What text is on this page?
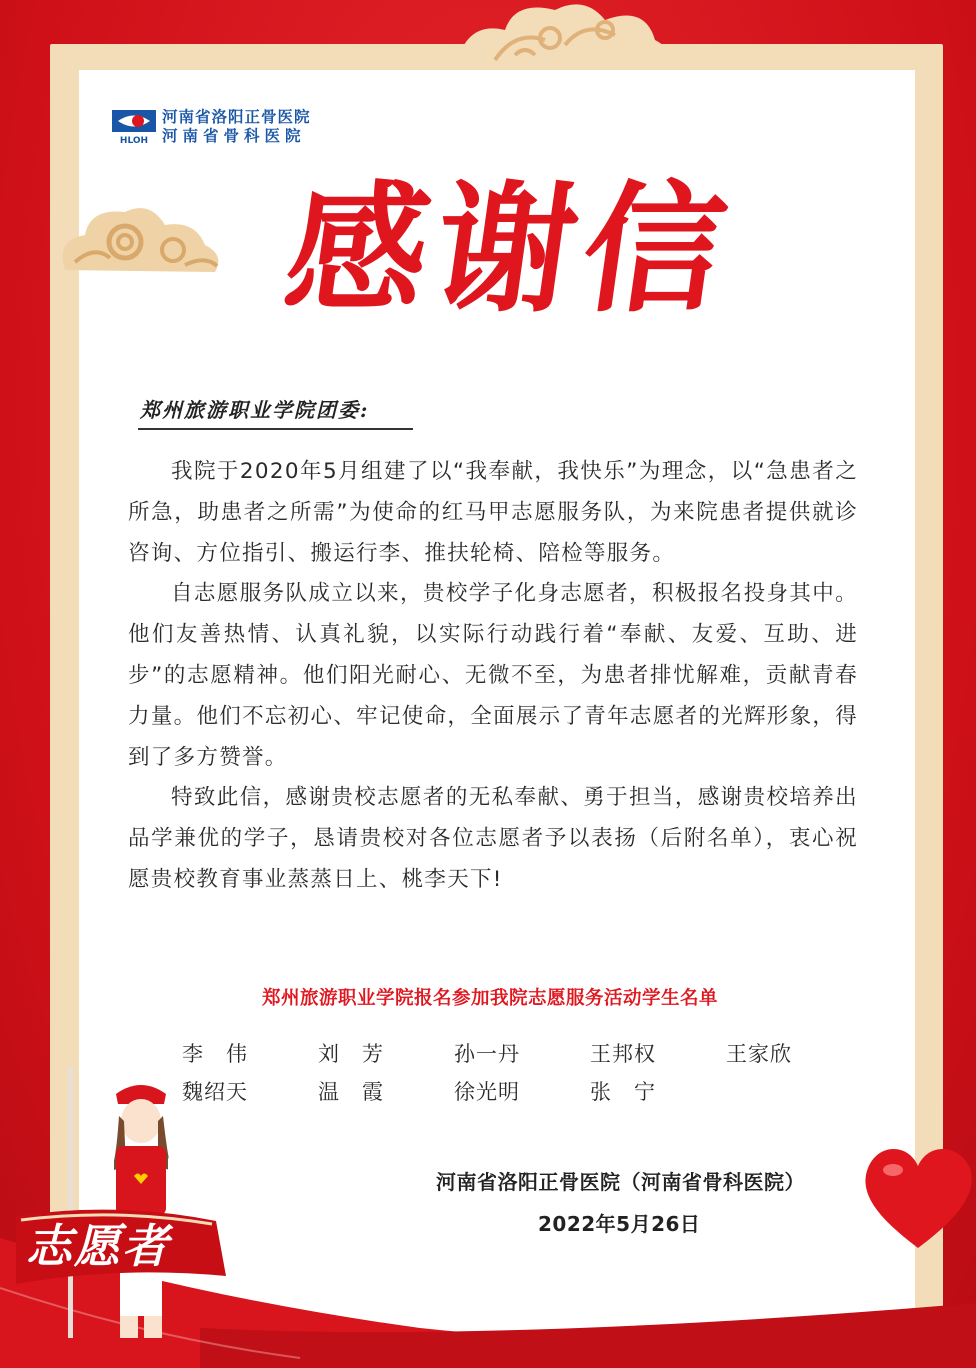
HLOH
河南省洛阳正骨医院
河南省骨科医院
感谢信
郑州旅游职业学院团委:

我院于2020年5月组建了以“我奉献，我快乐”为理念，以“急患者之所急，助患者之所需”为使命的红马甲志愿服务队，为来院患者提供就诊咨询、方位指引、搬运行李、推扶轮椅、陪检等服务。

自志愿服务队成立以来，贵校学子化身志愿者，积极报名投身其中。他们友善热情、认真礼貌，以实际行动践行着“奉献、友爱、互助、进步”的志愿精神。他们阳光耐心、无微不至，为患者排忧解难，贡献青春力量。他们不忘初心、牢记使命，全面展示了青年志愿者的光辉形象，得到了多方赞誉。

特致此信，感谢贵校志愿者的无私奉献、勇于担当，感谢贵校培养出品学兼优的学子，恳请贵校对各位志愿者予以表扬（后附名单），衷心祝愿贵校教育事业蒸蒸日上、桃李天下!

郑州旅游职业学院报名参加我院志愿服务活动学生名单
李　伟	刘　芳	孙一丹	王邦权	王家欣
魏绍天	温　霞	徐光明	张　宁
河南省洛阳正骨医院（河南省骨科医院）
2022年5月26日
志愿者
